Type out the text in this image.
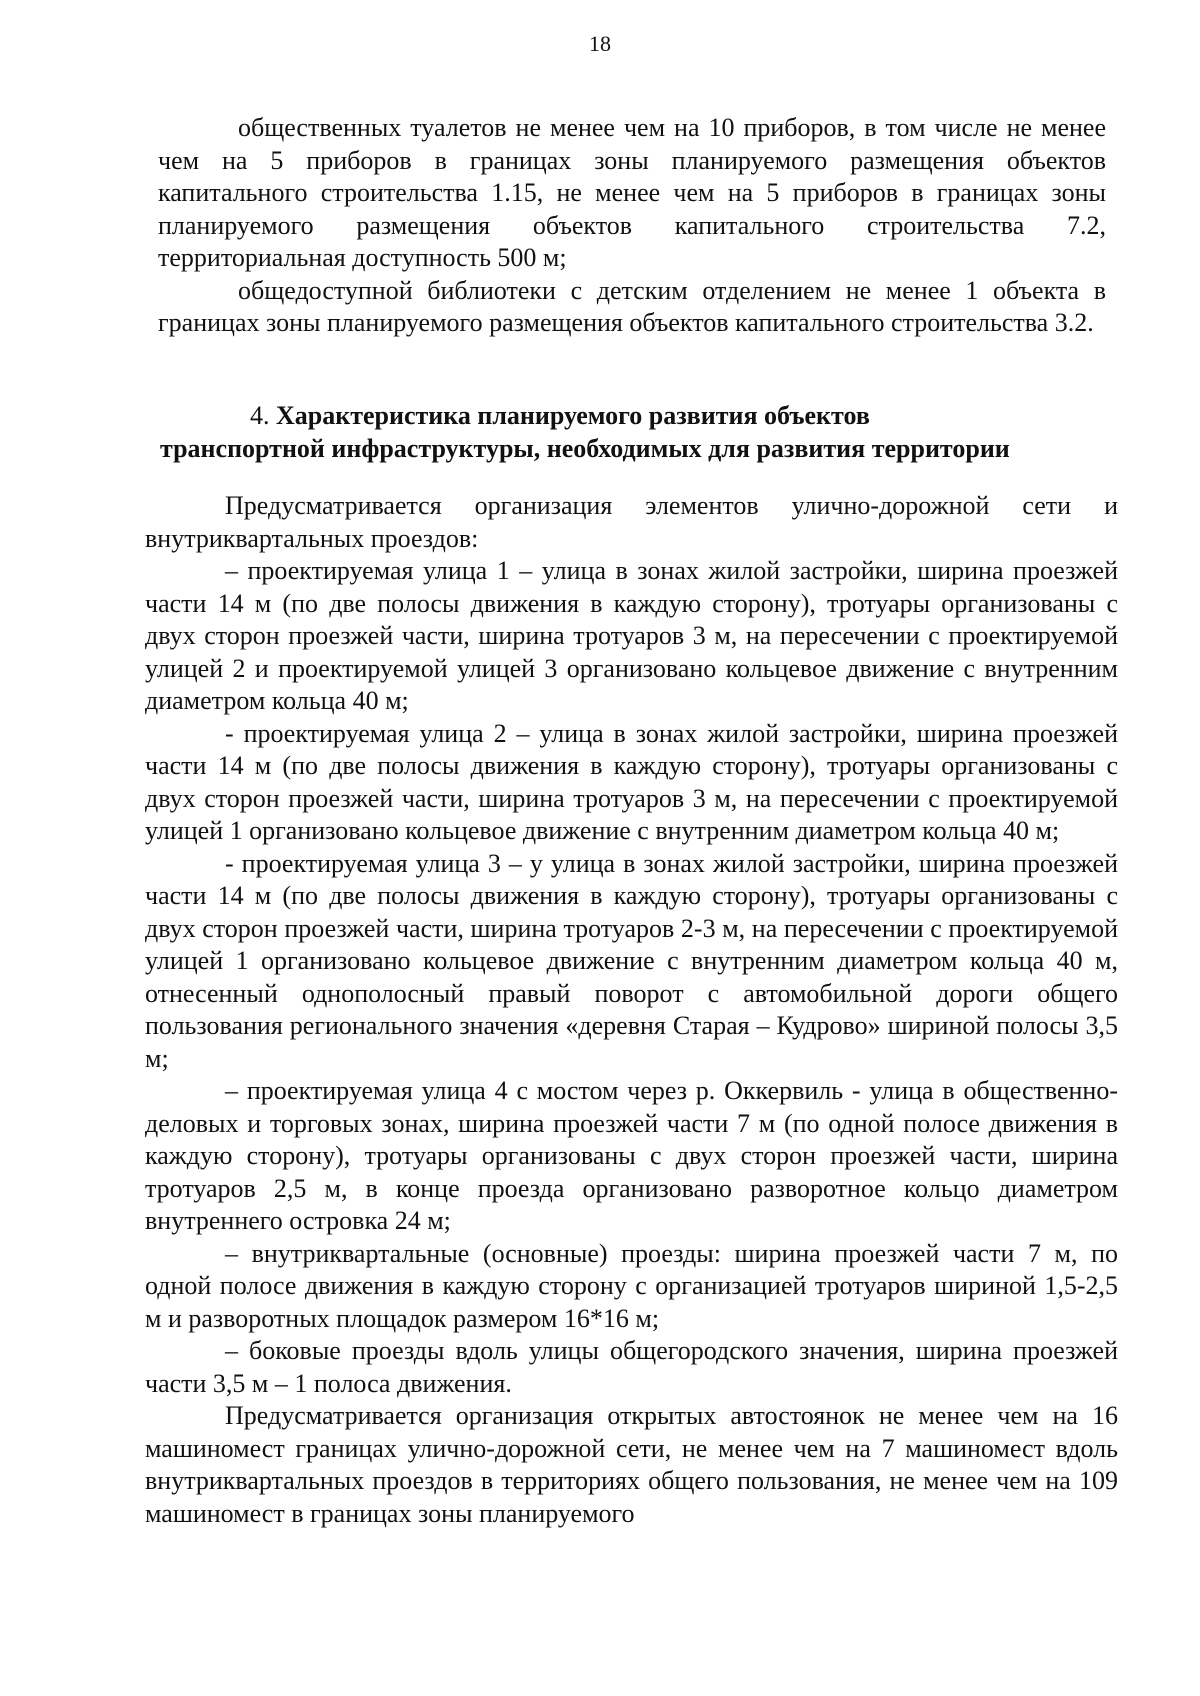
18

общественных туалетов не менее чем на 10 приборов, в том числе не менее чем на 5 приборов в границах зоны планируемого размещения объектов капитального строительства 1.15, не менее чем на 5 приборов в границах зоны планируемого размещения объектов капитального строительства 7.2, территориальная доступность 500 м;

общедоступной библиотеки с детским отделением не менее 1 объекта в границах зоны планируемого размещения объектов капитального строительства 3.2.

4. Характеристика планируемого развития объектов
транспортной инфраструктуры, необходимых для развития территории

Предусматривается организация элементов улично-дорожной сети и внутриквартальных проездов:

– проектируемая улица 1 – улица в зонах жилой застройки, ширина проезжей части 14 м (по две полосы движения в каждую сторону), тротуары организованы с двух сторон проезжей части, ширина тротуаров 3 м, на пересечении с проектируемой улицей 2 и проектируемой улицей 3 организовано кольцевое движение с внутренним диаметром кольца 40 м;

- проектируемая улица 2 – улица в зонах жилой застройки, ширина проезжей части 14 м (по две полосы движения в каждую сторону), тротуары организованы с двух сторон проезжей части, ширина тротуаров 3 м, на пересечении с проектируемой улицей 1 организовано кольцевое движение с внутренним диаметром кольца 40 м;

- проектируемая улица 3 – у улица в зонах жилой застройки, ширина проезжей части 14 м (по две полосы движения в каждую сторону), тротуары организованы с двух сторон проезжей части, ширина тротуаров 2-3 м, на пересечении с проектируемой улицей 1 организовано кольцевое движение с внутренним диаметром кольца 40 м, отнесенный однополосный правый поворот с автомобильной дороги общего пользования регионального значения «деревня Старая – Кудрово» шириной полосы 3,5 м;

– проектируемая улица 4 с мостом через р. Оккервиль - улица в общественно-деловых и торговых зонах, ширина проезжей части 7 м (по одной полосе движения в каждую сторону), тротуары организованы с двух сторон проезжей части, ширина тротуаров 2,5 м, в конце проезда организовано разворотное кольцо диаметром внутреннего островка 24 м;

– внутриквартальные (основные) проезды: ширина проезжей части 7 м, по одной полосе движения в каждую сторону с организацией тротуаров шириной 1,5-2,5 м и разворотных площадок размером 16*16 м;

– боковые проезды вдоль улицы общегородского значения, ширина проезжей части 3,5 м – 1 полоса движения.

Предусматривается организация открытых автостоянок не менее чем на 16 машиномест границах улично-дорожной сети, не менее чем на 7 машиномест вдоль внутриквартальных проездов в территориях общего пользования, не менее чем на 109 машиномест в границах зоны планируемого
